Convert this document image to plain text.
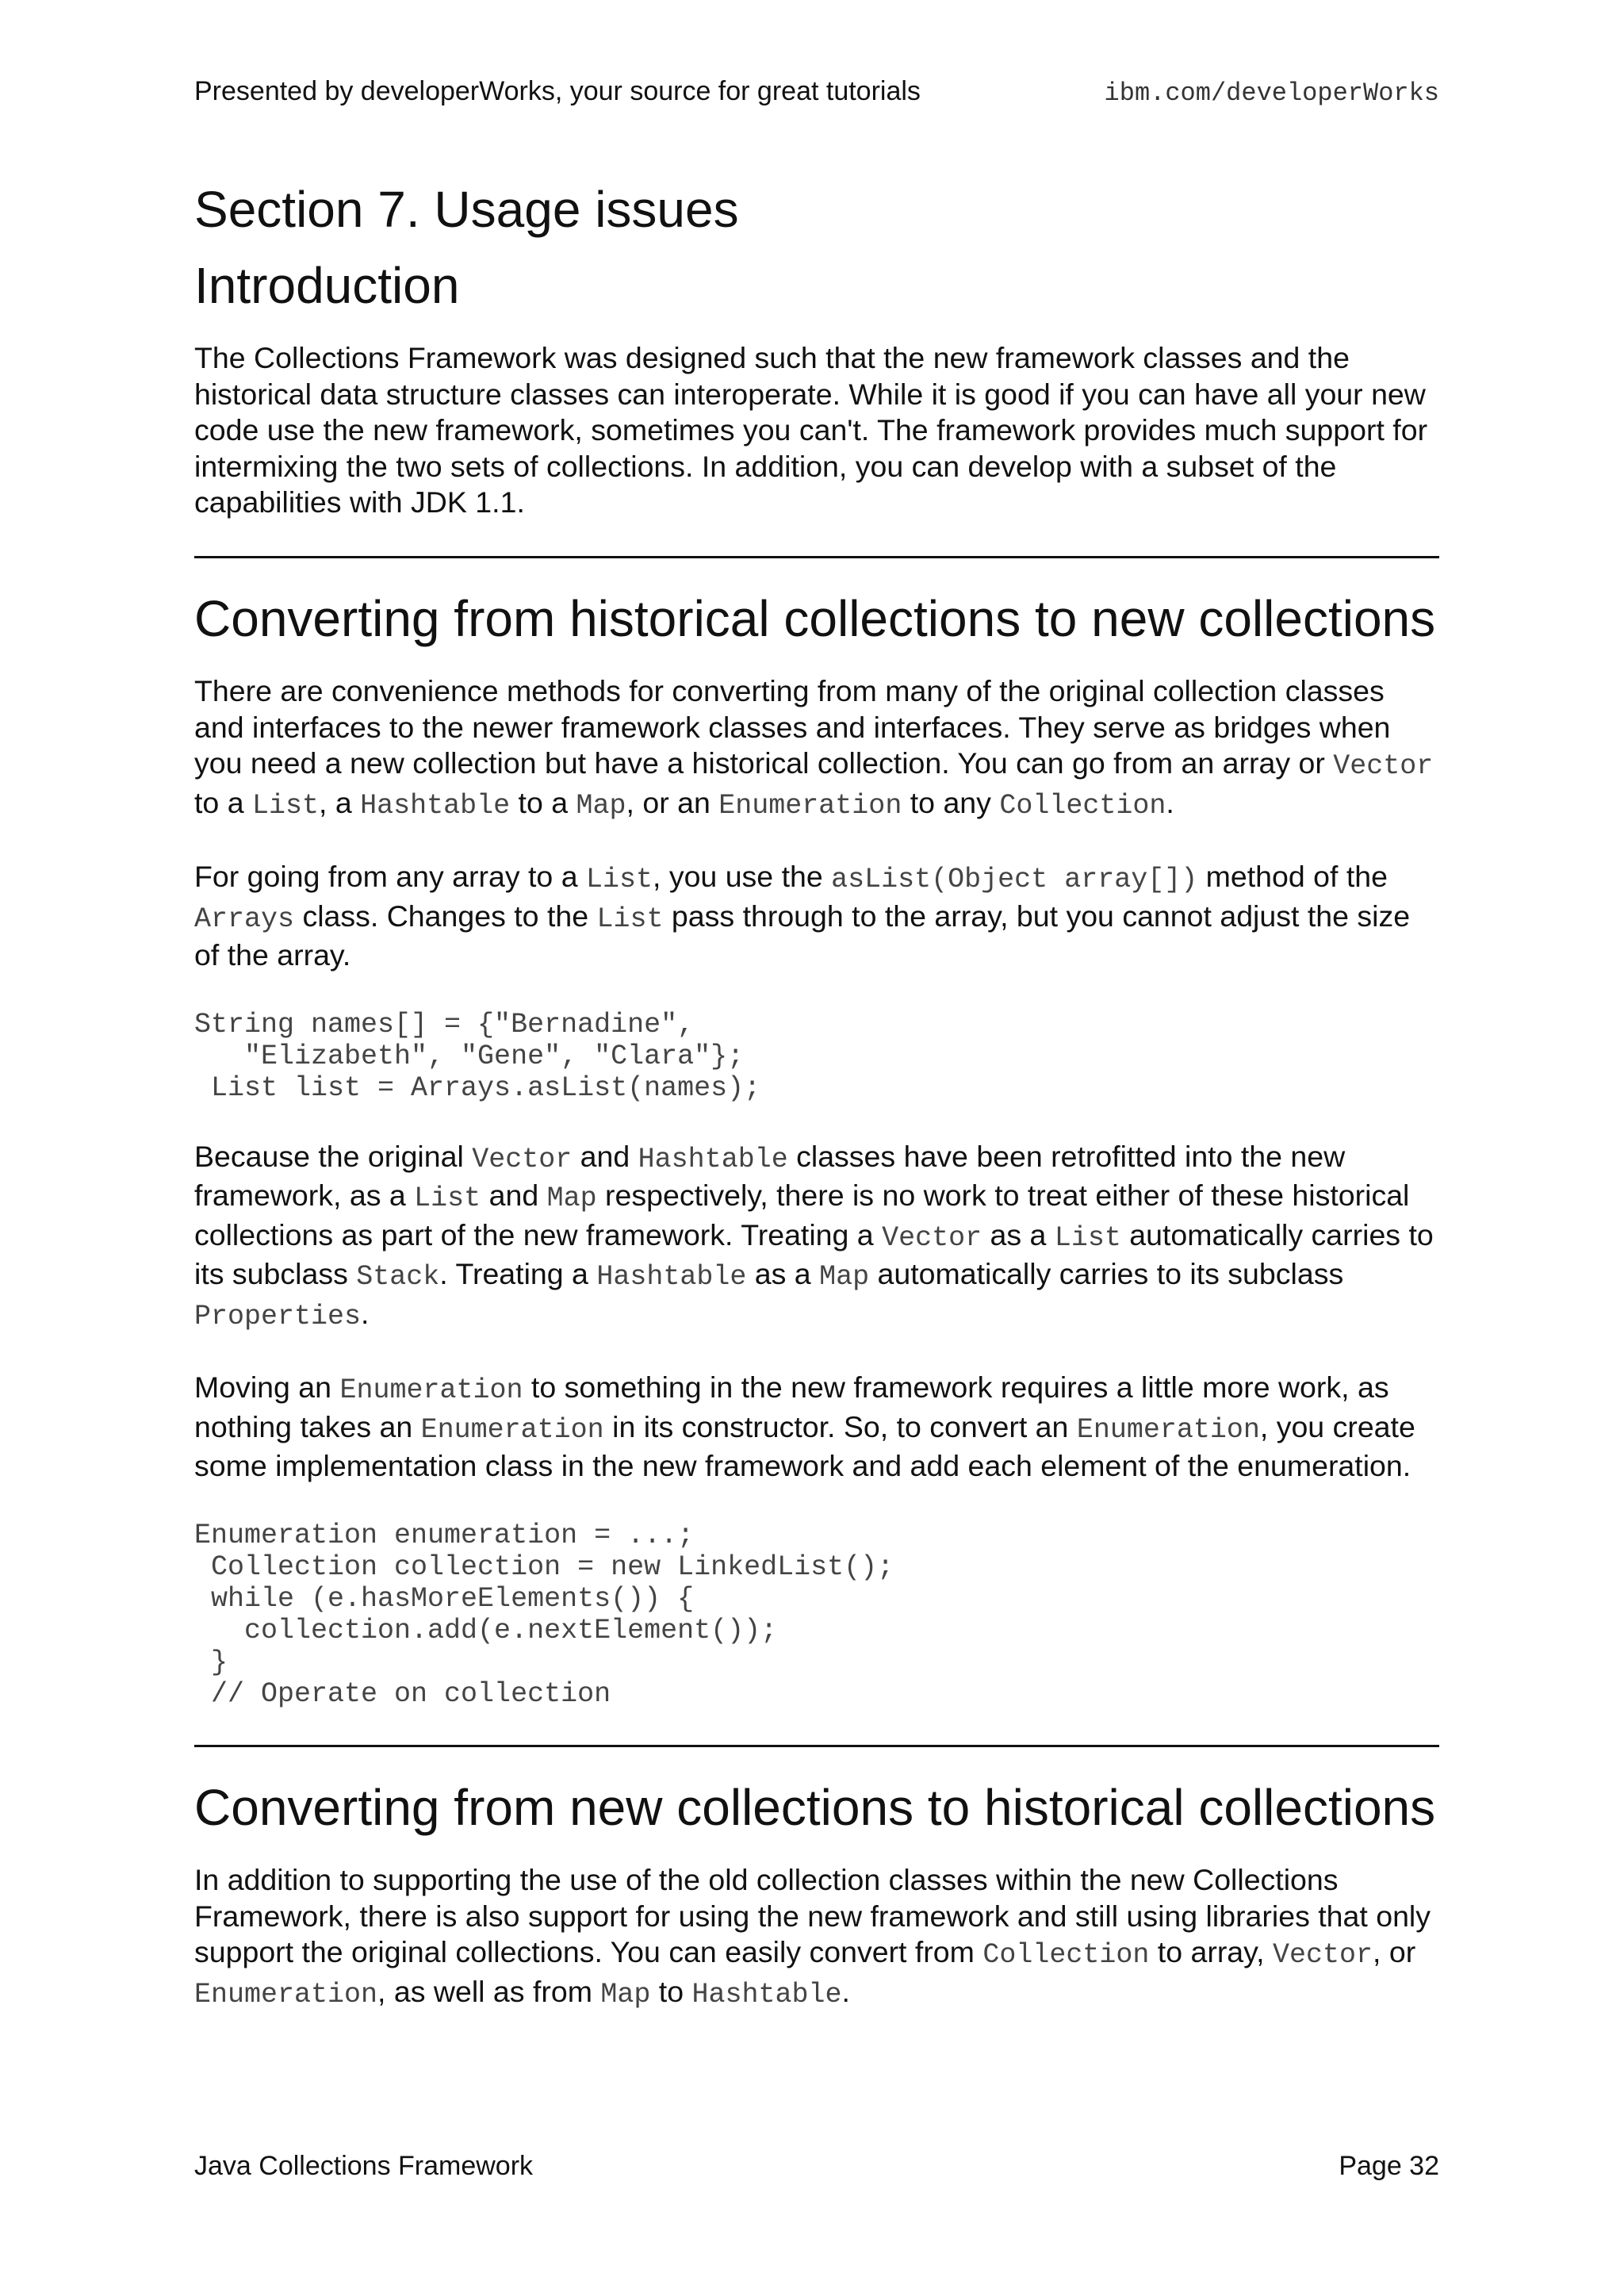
Presented by developerWorks, your source for great tutorials	ibm.com/developerWorks
Section 7. Usage issues
Introduction

The Collections Framework was designed such that the new framework classes and the historical data structure classes can interoperate. While it is good if you can have all your new code use the new framework, sometimes you can't. The framework provides much support for intermixing the two sets of collections. In addition, you can develop with a subset of the capabilities with JDK 1.1.

Converting from historical collections to new collections

There are convenience methods for converting from many of the original collection classes and interfaces to the newer framework classes and interfaces. They serve as bridges when you need a new collection but have a historical collection. You can go from an array or Vector to a List, a Hashtable to a Map, or an Enumeration to any Collection.

For going from any array to a List, you use the asList(Object array[]) method of the Arrays class. Changes to the List pass through to the array, but you cannot adjust the size of the array.

String names[] = {"Bernadine",
"Elizabeth", "Gene", "Clara"};
List list = Arrays.asList(names);

Because the original Vector and Hashtable classes have been retrofitted into the new framework, as a List and Map respectively, there is no work to treat either of these historical collections as part of the new framework. Treating a Vector as a List automatically carries to its subclass Stack. Treating a Hashtable as a Map automatically carries to its subclass Properties.

Moving an Enumeration to something in the new framework requires a little more work, as nothing takes an Enumeration in its constructor. So, to convert an Enumeration, you create some implementation class in the new framework and add each element of the enumeration.

Enumeration enumeration = ...;
Collection collection = new LinkedList();
while (e.hasMoreElements()) {
collection.add(e.nextElement());
}
// Operate on collection
Converting from new collections to historical collections

In addition to supporting the use of the old collection classes within the new Collections Framework, there is also support for using the new framework and still using libraries that only support the original collections. You can easily convert from Collection to array, Vector, or Enumeration, as well as from Map to Hashtable.

Java Collections Framework	Page 32
